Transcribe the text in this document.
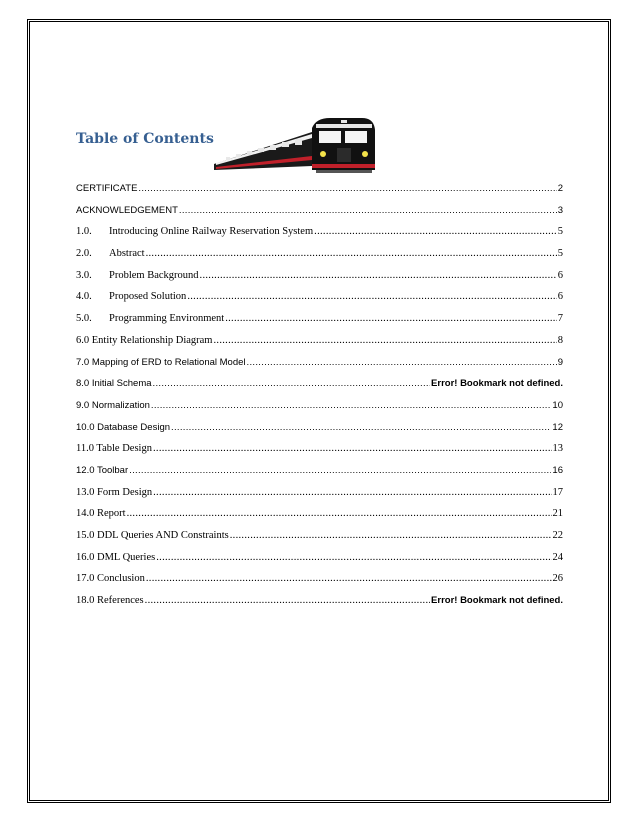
Table of Contents
CERTIFICATE .....	2
ACKNOWLEDGEMENT .....	3
1.0.	Introducing Online Railway Reservation System .....	5
2.0.	Abstract .....	5
3.0.	Problem Background .....	6
4.0.	Proposed Solution .....	6
5.0.	Programming Environment .....	7
6.0 Entity Relationship Diagram .....	8
7.0 Mapping of ERD to Relational Model .....	9
8.0 Initial Schema .....	Error! Bookmark not defined.
9.0 Normalization .....	10
10.0 Database Design .....	12
11.0 Table Design .....	13
12.0 Toolbar .....	16
13.0 Form Design .....	17
14.0 Report .....	21
15.0 DDL Queries AND Constraints .....	22
16.0 DML Queries .....	24
17.0 Conclusion .....	26
18.0 References .....	Error! Bookmark not defined.
